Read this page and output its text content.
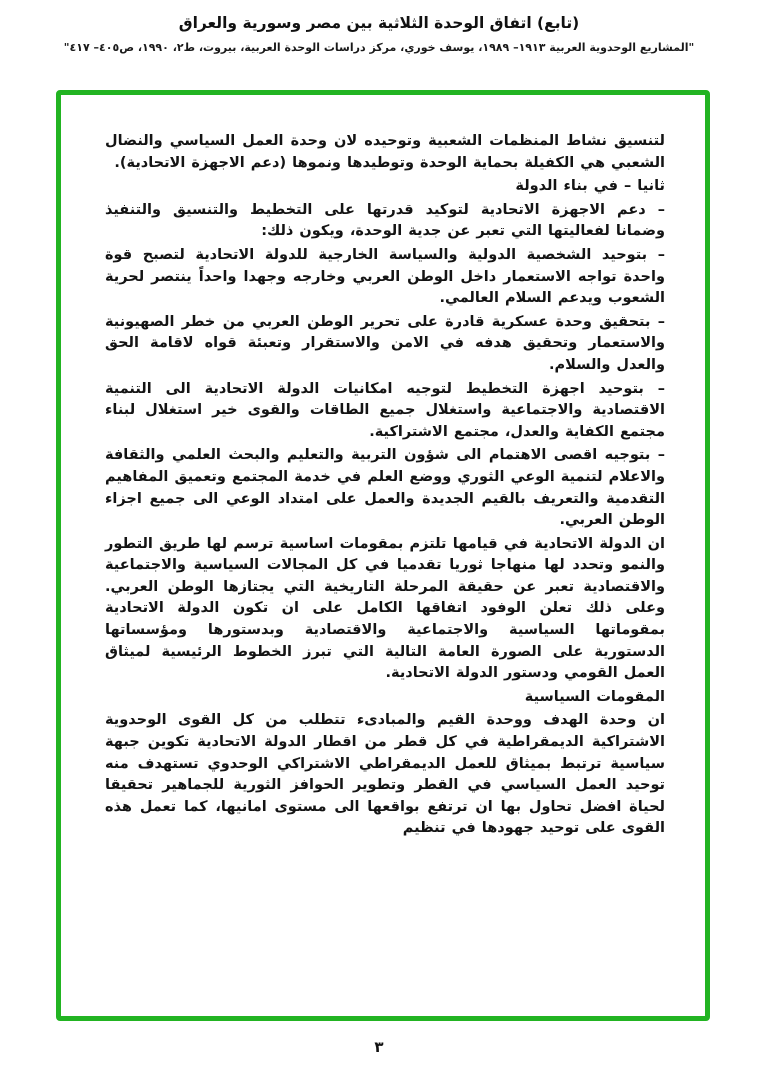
(تابع) اتفاق الوحدة الثلاثية بين مصر وسورية والعراق
"المشاريع الوحدوية العربية ١٩١٣– ١٩٨٩، يوسف خوري، مركز دراسات الوحدة العربية، بيروت، ط٢، ١٩٩٠، ص٤٠٥– ٤١٧"

لتنسيق نشاط المنظمات الشعبية وتوحيده لان وحدة العمل السياسي والنضال الشعبي هي الكفيلة بحماية الوحدة وتوطيدها ونموها (دعم الاجهزة الاتحادية).

ثانيا – في بناء الدولة

– دعم الاجهزة الاتحادية لتوكيد قدرتها على التخطيط والتنسيق والتنفيذ وضمانا لفعاليتها التي تعبر عن جدية الوحدة، ويكون ذلك:

– بتوحيد الشخصية الدولية والسياسة الخارجية للدولة الاتحادية لتصبح قوة واحدة تواجه الاستعمار داخل الوطن العربي وخارجه وجهدا واحداً ينتصر لحرية الشعوب ويدعم السلام العالمي.

– بتحقيق وحدة عسكرية قادرة على تحرير الوطن العربي من خطر الصهيونية والاستعمار وتحقيق هدفه في الامن والاستقرار وتعبئة قواه لاقامة الحق والعدل والسلام.

– بتوحيد اجهزة التخطيط لتوجيه امكانيات الدولة الاتحادية الى التنمية الاقتصادية والاجتماعية واستغلال جميع الطاقات والقوى خير استغلال لبناء مجتمع الكفاية والعدل، مجتمع الاشتراكية.

– بتوجيه اقصى الاهتمام الى شؤون التربية والتعليم والبحث العلمي والثقافة والاعلام لتنمية الوعي الثوري ووضع العلم في خدمة المجتمع وتعميق المفاهيم التقدمية والتعريف بالقيم الجديدة والعمل على امتداد الوعي الى جميع اجزاء الوطن العربي.

ان الدولة الاتحادية في قيامها تلتزم بمقومات اساسية ترسم لها طريق التطور والنمو وتحدد لها منهاجا ثوريا تقدميا في كل المجالات السياسية والاجتماعية والاقتصادية تعبر عن حقيقة المرحلة التاريخية التي يجتازها الوطن العربي. وعلى ذلك تعلن الوفود اتفاقها الكامل على ان تكون الدولة الاتحادية بمقوماتها السياسية والاجتماعية والاقتصادية وبدستورها ومؤسساتها الدستورية على الصورة العامة التالية التي تبرز الخطوط الرئيسية لميثاق العمل القومي ودستور الدولة الاتحادية.

المقومات السياسية

ان وحدة الهدف ووحدة القيم والمبادىء تتطلب من كل القوى الوحدوية الاشتراكية الديمقراطية في كل قطر من اقطار الدولة الاتحادية تكوين جبهة سياسية ترتبط بميثاق للعمل الديمقراطي الاشتراكي الوحدوي تستهدف منه توحيد العمل السياسي في القطر وتطوير الحوافز الثورية للجماهير تحقيقا لحياة افضل تحاول بها ان ترتفع بواقعها الى مستوى امانيها، كما تعمل هذه القوى على توحيد جهودها في تنظيم

٣
